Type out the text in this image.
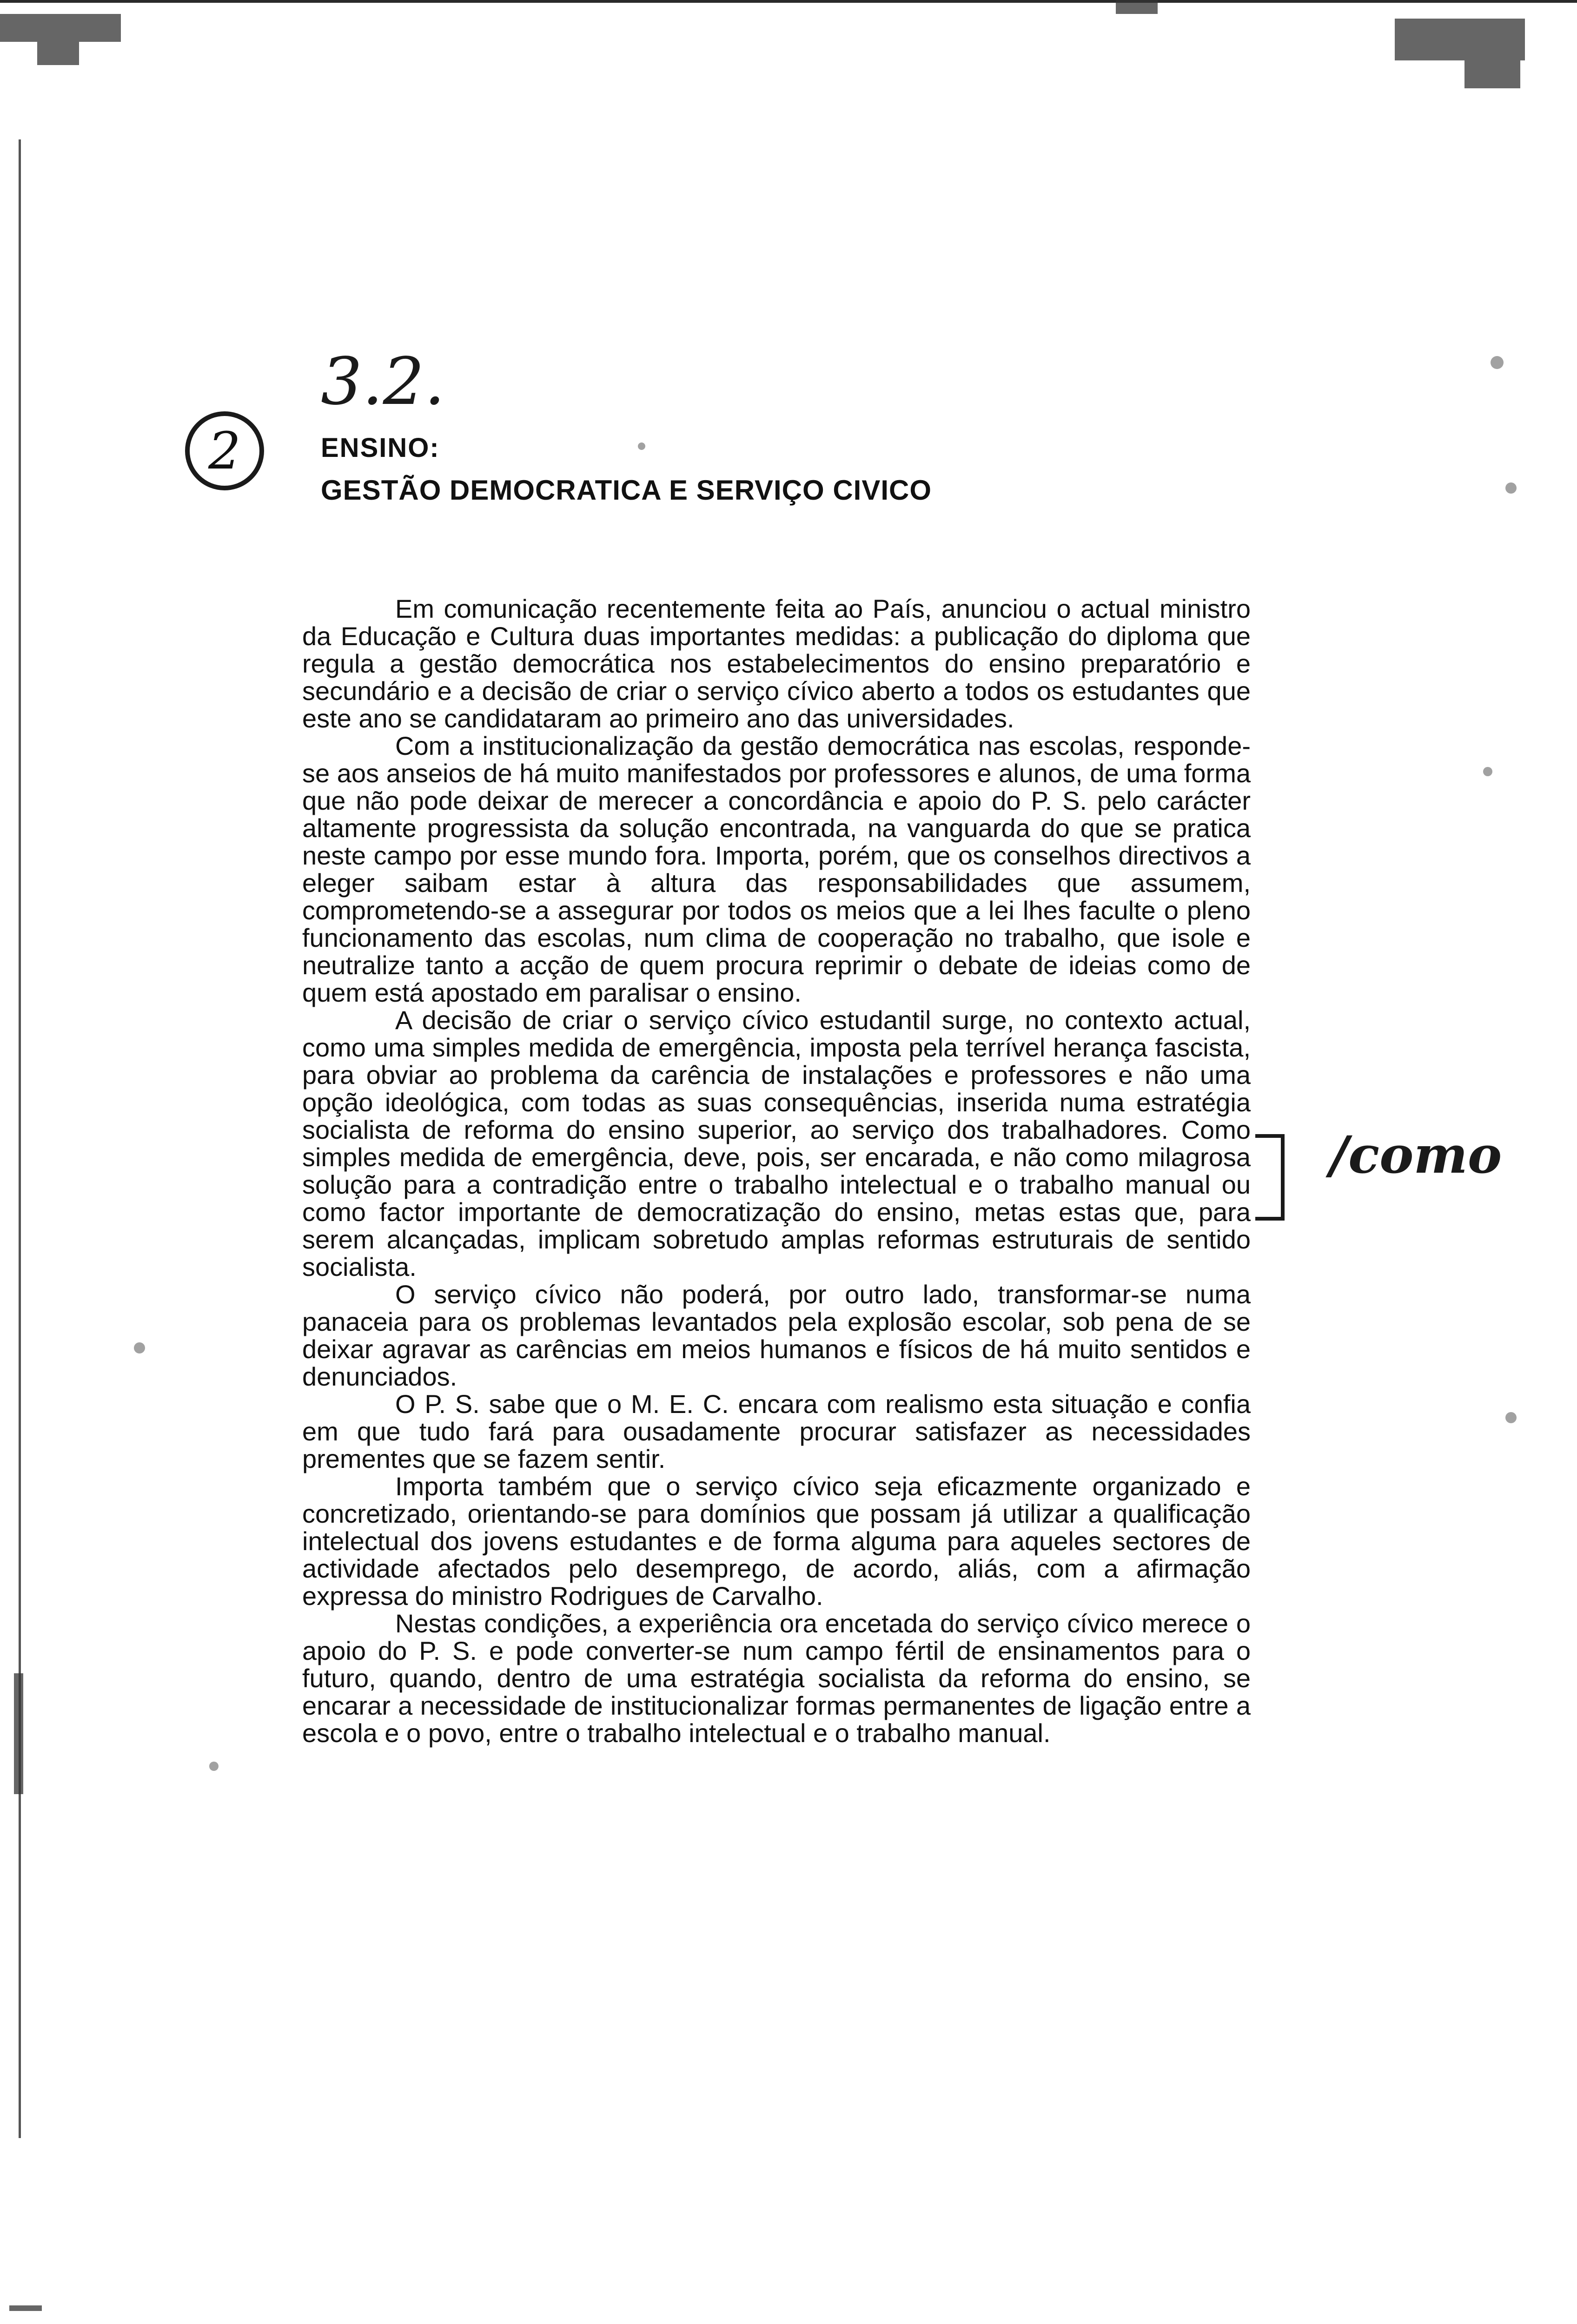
3.2.
2	ENSINO:
GESTÃO DEMOCRATICA E SERVIÇO CIVICO

Em comunicação recentemente feita ao País, anunciou o actual ministro da Educação e Cultura duas importantes medidas: a publicação do diploma que regula a gestão democrática nos estabelecimentos do ensino preparatório e secundário e a decisão de criar o serviço cívico aberto a todos os estudantes que este ano se candidataram ao primeiro ano das universidades.

Com a institucionalização da gestão democrática nas escolas, responde-se aos anseios de há muito manifestados por professores e alunos, de uma forma que não pode deixar de merecer a concordância e apoio do P. S. pelo carácter altamente progressista da solução encontrada, na vanguarda do que se pratica neste campo por esse mundo fora. Importa, porém, que os conselhos directivos a eleger saibam estar à altura das responsabilidades que assumem, comprometendo-se a assegurar por todos os meios que a lei lhes faculte o pleno funcionamento das escolas, num clima de cooperação no trabalho, que isole e neutralize tanto a acção de quem procura reprimir o debate de ideias como de quem está apostado em paralisar o ensino.

A decisão de criar o serviço cívico estudantil surge, no contexto actual, como uma simples medida de emergência, imposta pela terrível herança fascista, para obviar ao problema da carência de instalações e professores e não uma opção ideológica, com todas as suas consequências, inserida numa estratégia socialista de reforma do ensino superior, ao serviço dos trabalhadores. Como simples medida de emergência, deve, pois, ser encarada, e não como milagrosa solução para a contradição entre o trabalho intelectual e o trabalho manual ou como factor importante de democratização do ensino, metas estas que, para serem alcançadas, implicam sobretudo amplas reformas estruturais de sentido socialista.

O serviço cívico não poderá, por outro lado, transformar-se numa panaceia para os problemas levantados pela explosão escolar, sob pena de se deixar agravar as carências em meios humanos e físicos de há muito sentidos e denunciados.

O P. S. sabe que o M. E. C. encara com realismo esta situação e confia em que tudo fará para ousadamente procurar satisfazer as necessidades prementes que se fazem sentir.

Importa também que o serviço cívico seja eficazmente organizado e concretizado, orientando-se para domínios que possam já utilizar a qualificação intelectual dos jovens estudantes e de forma alguma para aqueles sectores de actividade afectados pelo desemprego, de acordo, aliás, com a afirmação expressa do ministro Rodrigues de Carvalho.

Nestas condições, a experiência ora encetada do serviço cívico merece o apoio do P. S. e pode converter-se num campo fértil de ensinamentos para o futuro, quando, dentro de uma estratégia socialista da reforma do ensino, se encarar a necessidade de institucionalizar formas permanentes de ligação entre a escola e o povo, entre o trabalho intelectual e o trabalho manual.

/como
